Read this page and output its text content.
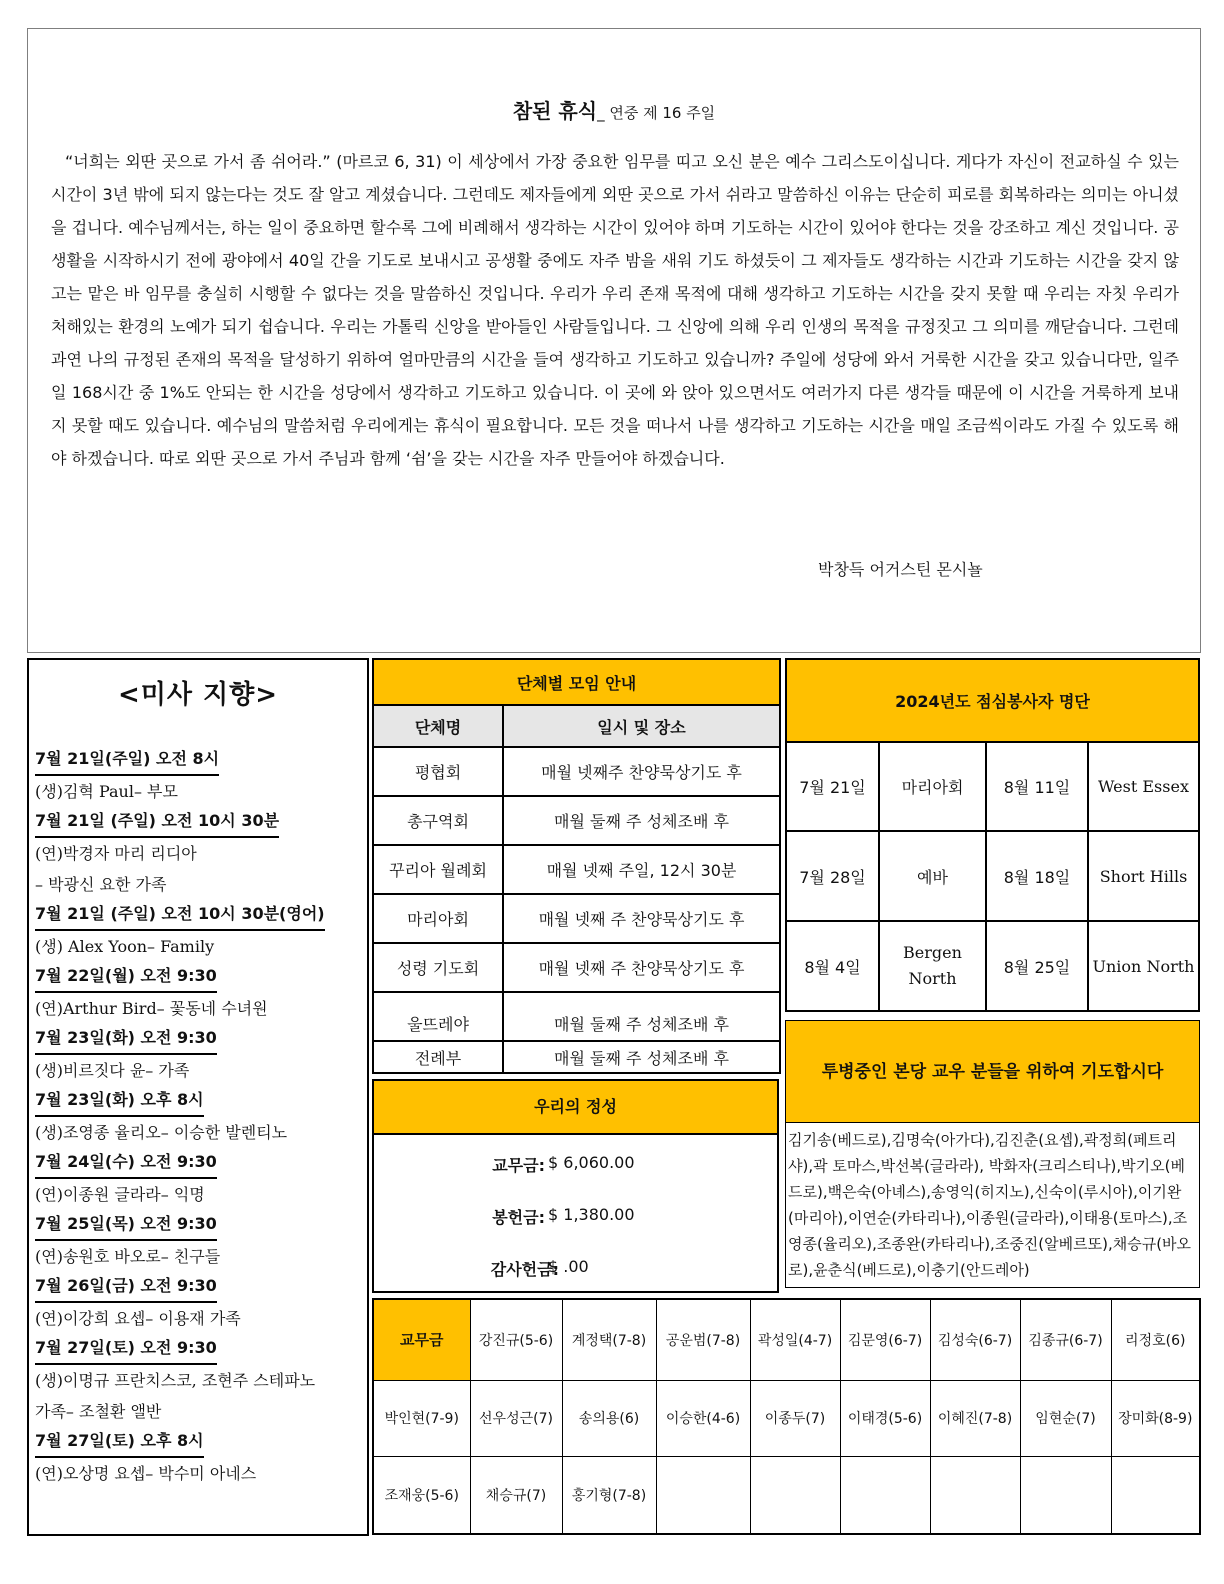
참된 휴식_ 연중 제 16 주일
“너희는 외딴 곳으로 가서 좀 쉬어라.” (마르코 6, 31) 이 세상에서 가장 중요한 임무를 띠고 오신 분은 예수 그리스도이십니다. 게다가 자신이 전교하실 수 있는 시간이 3년 밖에 되지 않는다는 것도 잘 알고 계셨습니다. 그런데도 제자들에게 외딴 곳으로 가서 쉬라고 말씀하신 이유는 단순히 피로를 회복하라는 의미는 아니셨을 겁니다. 예수님께서는, 하는 일이 중요하면 할수록 그에 비례해서 생각하는 시간이 있어야 하며 기도하는 시간이 있어야 한다는 것을 강조하고 계신 것입니다. 공생활을 시작하시기 전에 광야에서 40일 간을 기도로 보내시고 공생활 중에도 자주 밤을 새워 기도 하셨듯이 그 제자들도 생각하는 시간과 기도하는 시간을 갖지 않고는 맡은 바 임무를 충실히 시행할 수 없다는 것을 말씀하신 것입니다. 우리가 우리 존재 목적에 대해 생각하고 기도하는 시간을 갖지 못할 때 우리는 자칫 우리가 처해있는 환경의 노예가 되기 쉽습니다. 우리는 가톨릭 신앙을 받아들인 사람들입니다. 그 신앙에 의해 우리 인생의 목적을 규정짓고 그 의미를 깨닫습니다. 그런데 과연 나의 규정된 존재의 목적을 달성하기 위하여 얼마만큼의 시간을 들여 생각하고 기도하고 있습니까? 주일에 성당에 와서 거룩한 시간을 갖고 있습니다만, 일주일 168시간 중 1%도 안되는 한 시간을 성당에서 생각하고 기도하고 있습니다. 이 곳에 와 앉아 있으면서도 여러가지 다른 생각들 때문에 이 시간을 거룩하게 보내지 못할 때도 있습니다. 예수님의 말씀처럼 우리에게는 휴식이 필요합니다. 모든 것을 떠나서 나를 생각하고 기도하는 시간을 매일 조금씩이라도 가질 수 있도록 해야 하겠습니다. 따로 외딴 곳으로 가서 주님과 함께 ‘쉼’을 갖는 시간을 자주 만들어야 하겠습니다.
박창득 어거스틴 몬시뇰
<미사 지향>
7월 21일(주일) 오전 8시
(생)김혁 Paul– 부모
7월 21일 (주일) 오전 10시 30분
(연)박경자 마리 리디아
– 박광신 요한 가족
7월 21일 (주일) 오전 10시 30분(영어)
(생) Alex Yoon– Family
7월 22일(월) 오전 9:30
(연)Arthur Bird– 꽃동네 수녀원
7월 23일(화) 오전 9:30
(생)비르짓다 윤– 가족
7월 23일(화) 오후 8시
(생)조영종 율리오– 이승한 발렌티노
7월 24일(수) 오전 9:30
(연)이종원 글라라– 익명
7월 25일(목) 오전 9:30
(연)송원호 바오로– 친구들
7월 26일(금) 오전 9:30
(연)이강희 요셉– 이용재 가족
7월 27일(토) 오전 9:30
(생)이명규 프란치스코, 조현주 스테파노
가족– 조철환 앨반
7월 27일(토) 오후 8시
(연)오상명 요셉– 박수미 아네스
단체별 모임 안내	
단체명	일시 및 장소
평협회	매월 넷째주 찬양묵상기도 후
총구역회	매월 둘째 주 성체조배 후
꾸리아 월례회	매월 넷째 주일, 12시 30분
마리아회	매월 넷째 주 찬양묵상기도 후
성령 기도회	매월 넷째 주 찬양묵상기도 후
울뜨레야	매월 둘째 주 성체조배 후
전례부	매월 둘째 주 성체조배 후
우리의 정성
교무금: $ 6,060.00
봉헌금: $ 1,380.00
감사헌금:
$ .00
2024년도 점심봉사자 명단			
7월 21일	마리아회	8월 11일	West Essex
7월 28일	예바	8월 18일	Short Hills
8월 4일	Bergen North	8월 25일	Union North
투병중인 본당 교우 분들을 위하여 기도합시다
김기송(베드로),김명숙(아가다),김진춘(요셉),곽정희(페트리샤),곽 토마스,박선복(글라라), 박화자(크리스티나),박기오(베드로),백은숙(아녜스),송영익(히지노),신숙이(루시아),이기완(마리아),이연순(카타리나),이종원(글라라),이태용(토마스),조영종(율리오),조종완(카타리나),조중진(알베르또),채승규(바오로),윤춘식(베드로),이충기(안드레아)
교무금	강진규(5-6)	계정택(7-8)	공운범(7-8)	곽성일(4-7)	김문영(6-7)	김성숙(6-7)	김종규(6-7)	리정호(6)
박인현(7-9)	선우성근(7)	송의용(6)	이승한(4-6)	이종두(7)	이태경(5-6)	이혜진(7-8)	임현순(7)	장미화(8-9)
조재웅(5-6)	채승규(7)	홍기형(7-8)						
